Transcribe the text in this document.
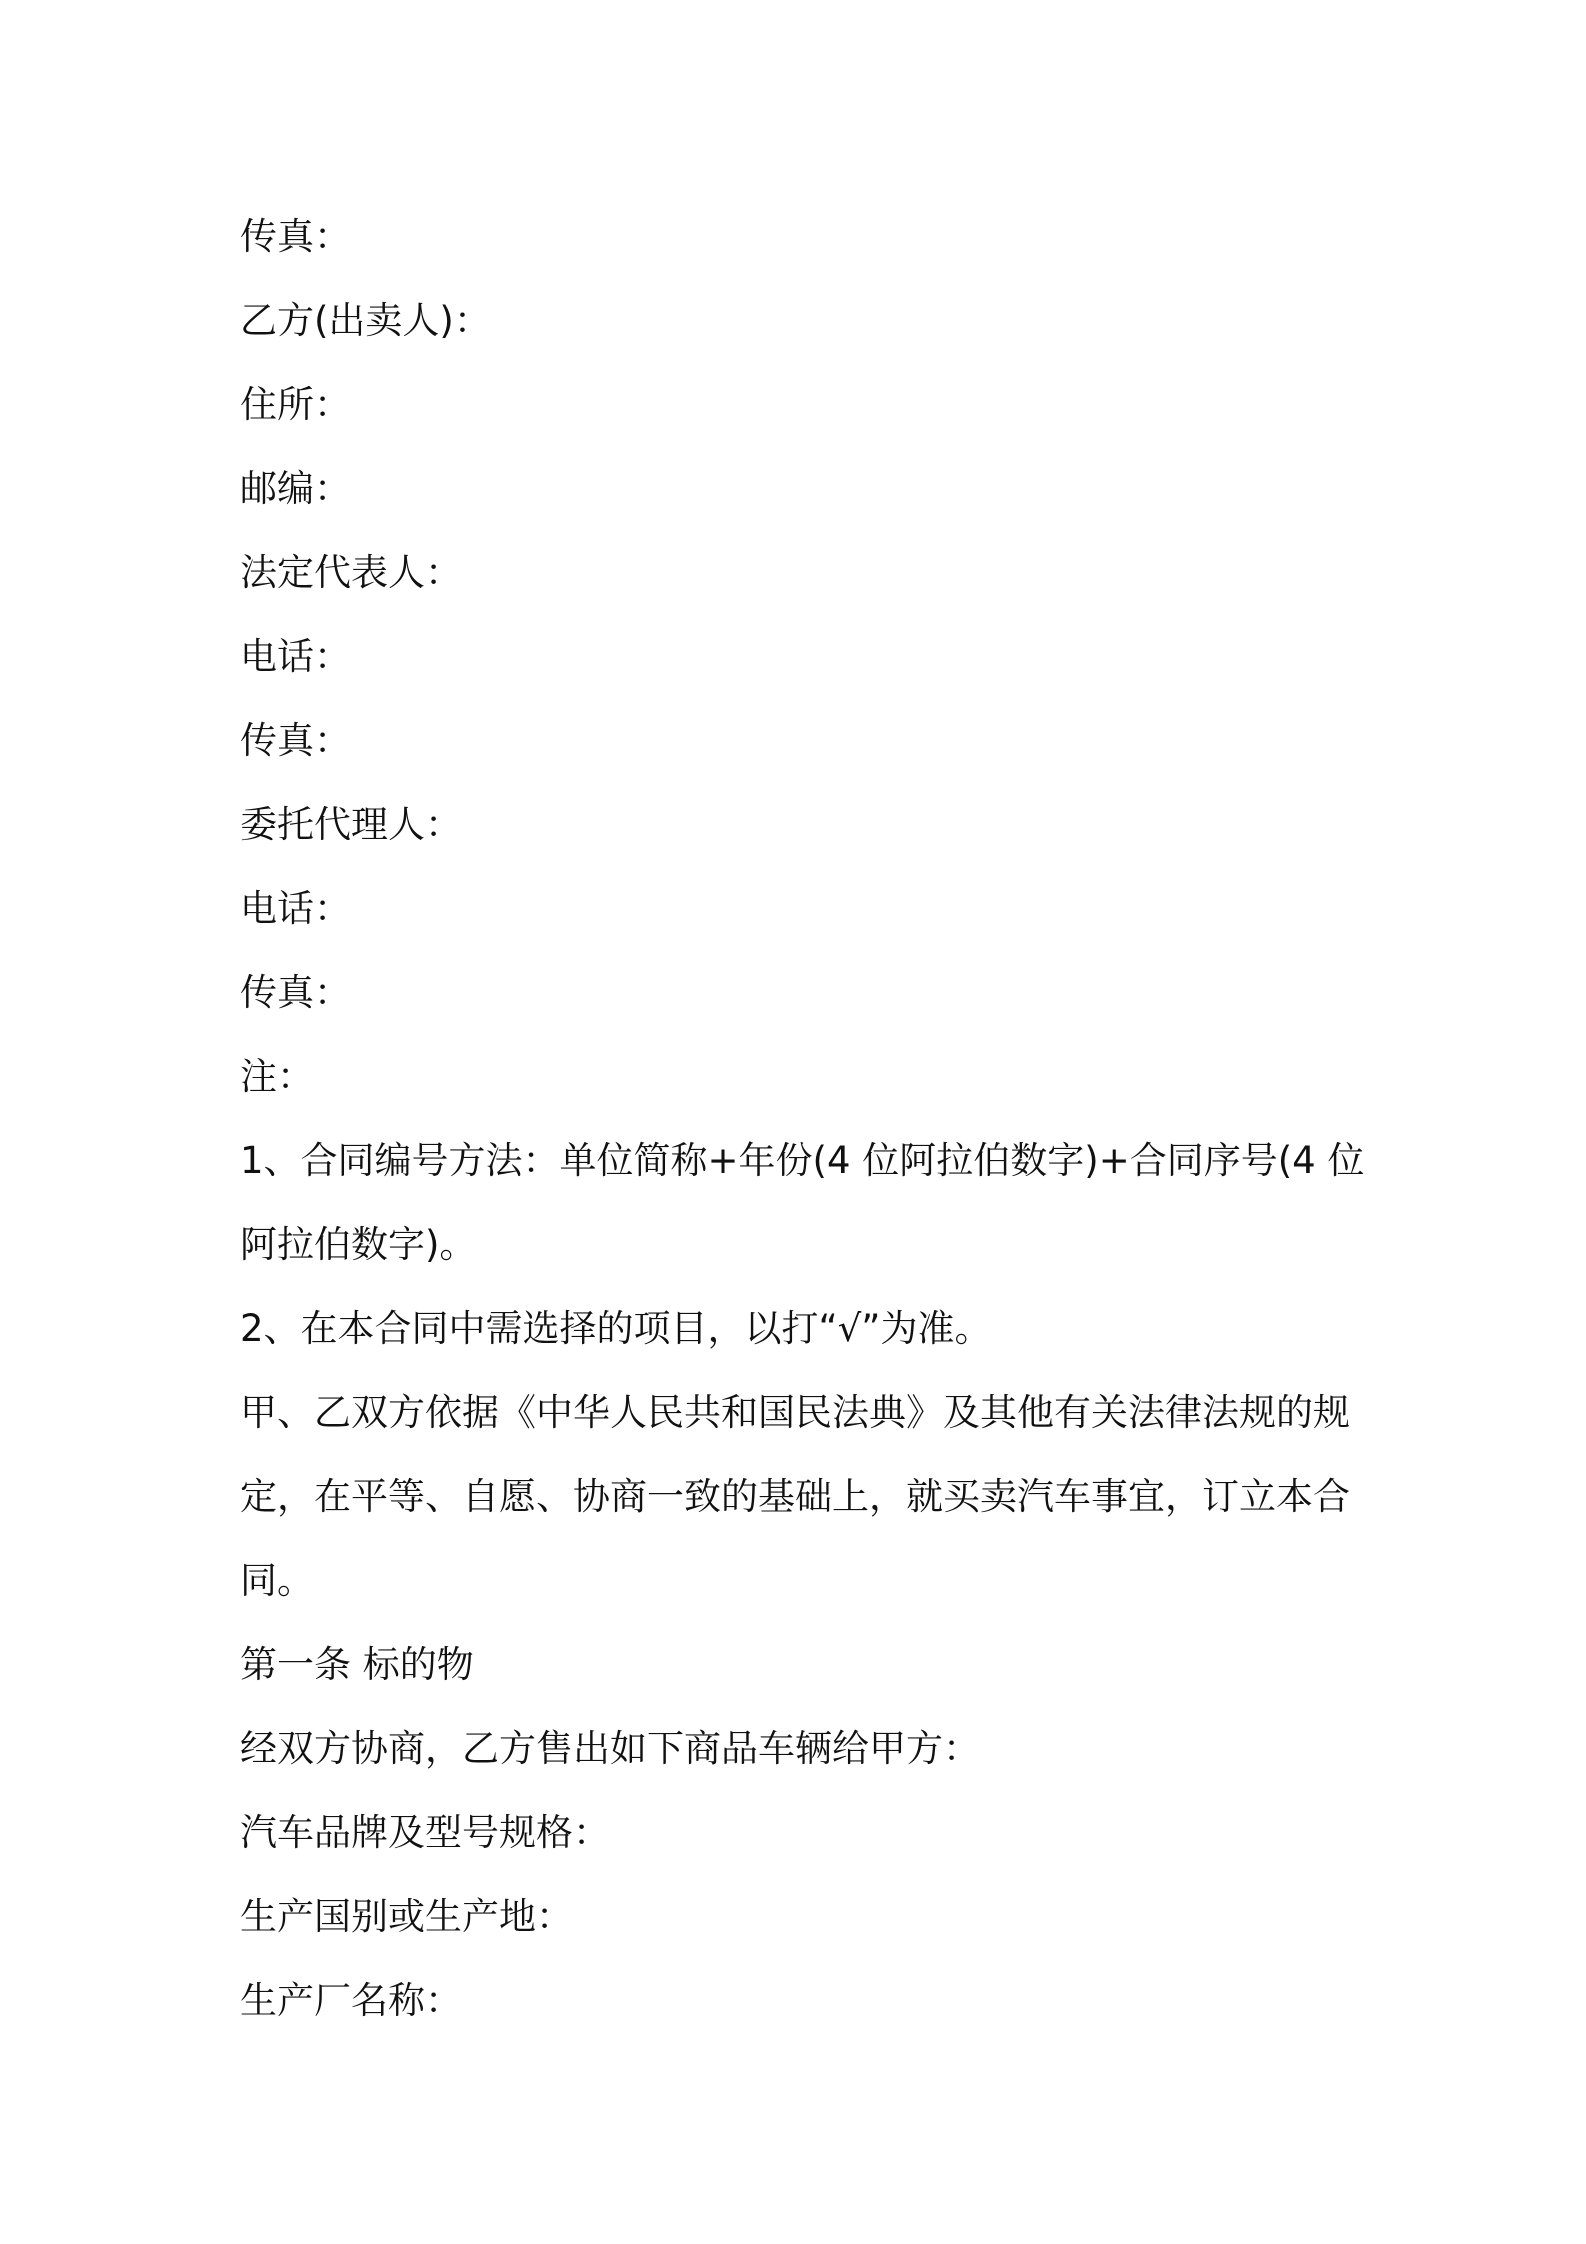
传真：

乙方(出卖人)：

住所：

邮编：

法定代表人：

电话：

传真：

委托代理人：

电话：

传真：

注：

1、合同编号方法：单位简称+年份(4 位阿拉伯数字)+合同序号(4 位

阿拉伯数字)。

2、在本合同中需选择的项目，以打“√”为准。

甲、乙双方依据《中华人民共和国民法典》及其他有关法律法规的规

定，在平等、自愿、协商一致的基础上，就买卖汽车事宜，订立本合

同。

第一条 标的物

经双方协商，乙方售出如下商品车辆给甲方：

汽车品牌及型号规格：

生产国别或生产地：

生产厂名称：
